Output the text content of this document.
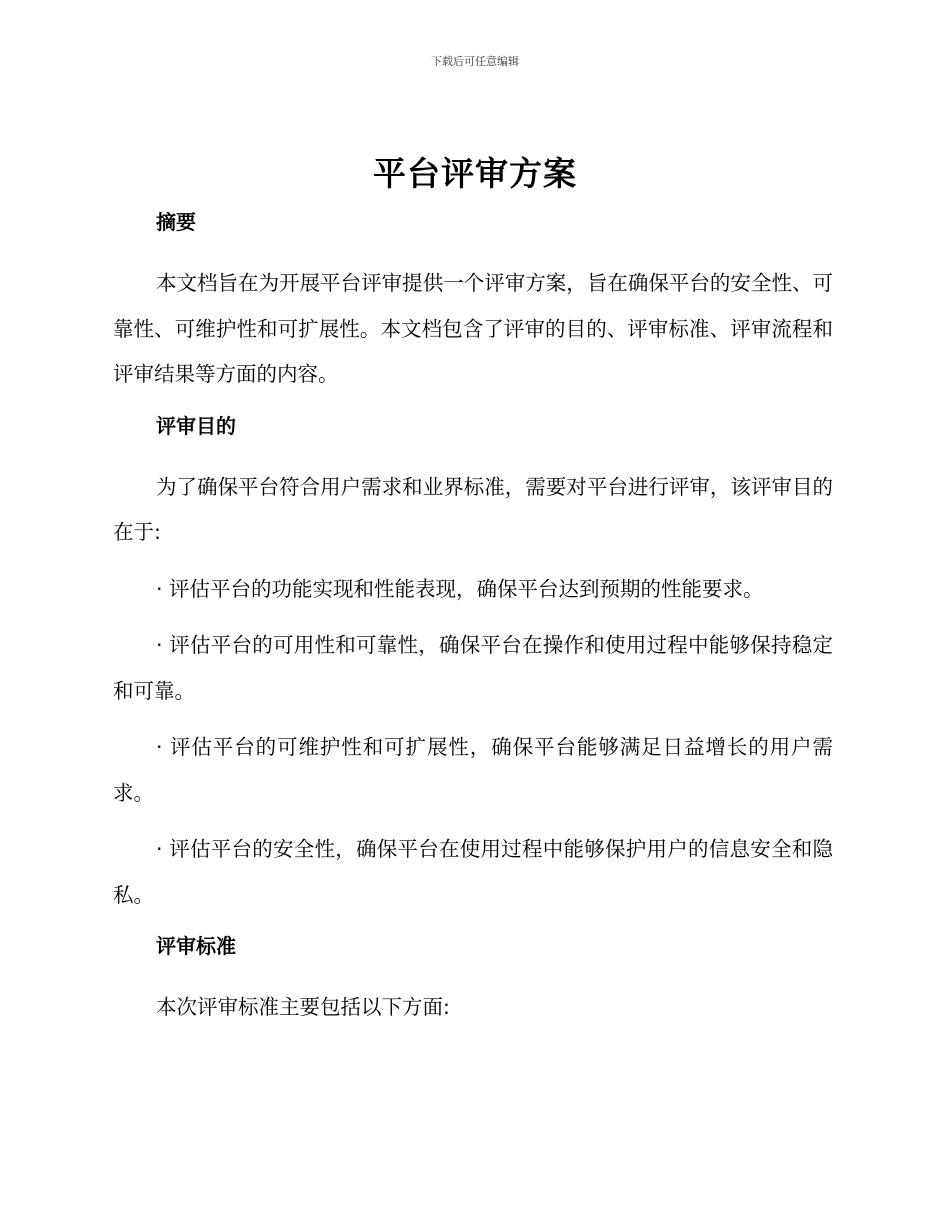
下载后可任意编辑
平台评审方案

摘要

本文档旨在为开展平台评审提供一个评审方案，旨在确保平台的安全性、可靠性、可维护性和可扩展性。本文档包含了评审的目的、评审标准、评审流程和评审结果等方面的内容。

评审目的

为了确保平台符合用户需求和业界标准，需要对平台进行评审，该评审目的在于:

· 评估平台的功能实现和性能表现，确保平台达到预期的性能要求。

· 评估平台的可用性和可靠性，确保平台在操作和使用过程中能够保持稳定和可靠。

· 评估平台的可维护性和可扩展性，确保平台能够满足日益增长的用户需求。

· 评估平台的安全性，确保平台在使用过程中能够保护用户的信息安全和隐私。

评审标准

本次评审标准主要包括以下方面:
